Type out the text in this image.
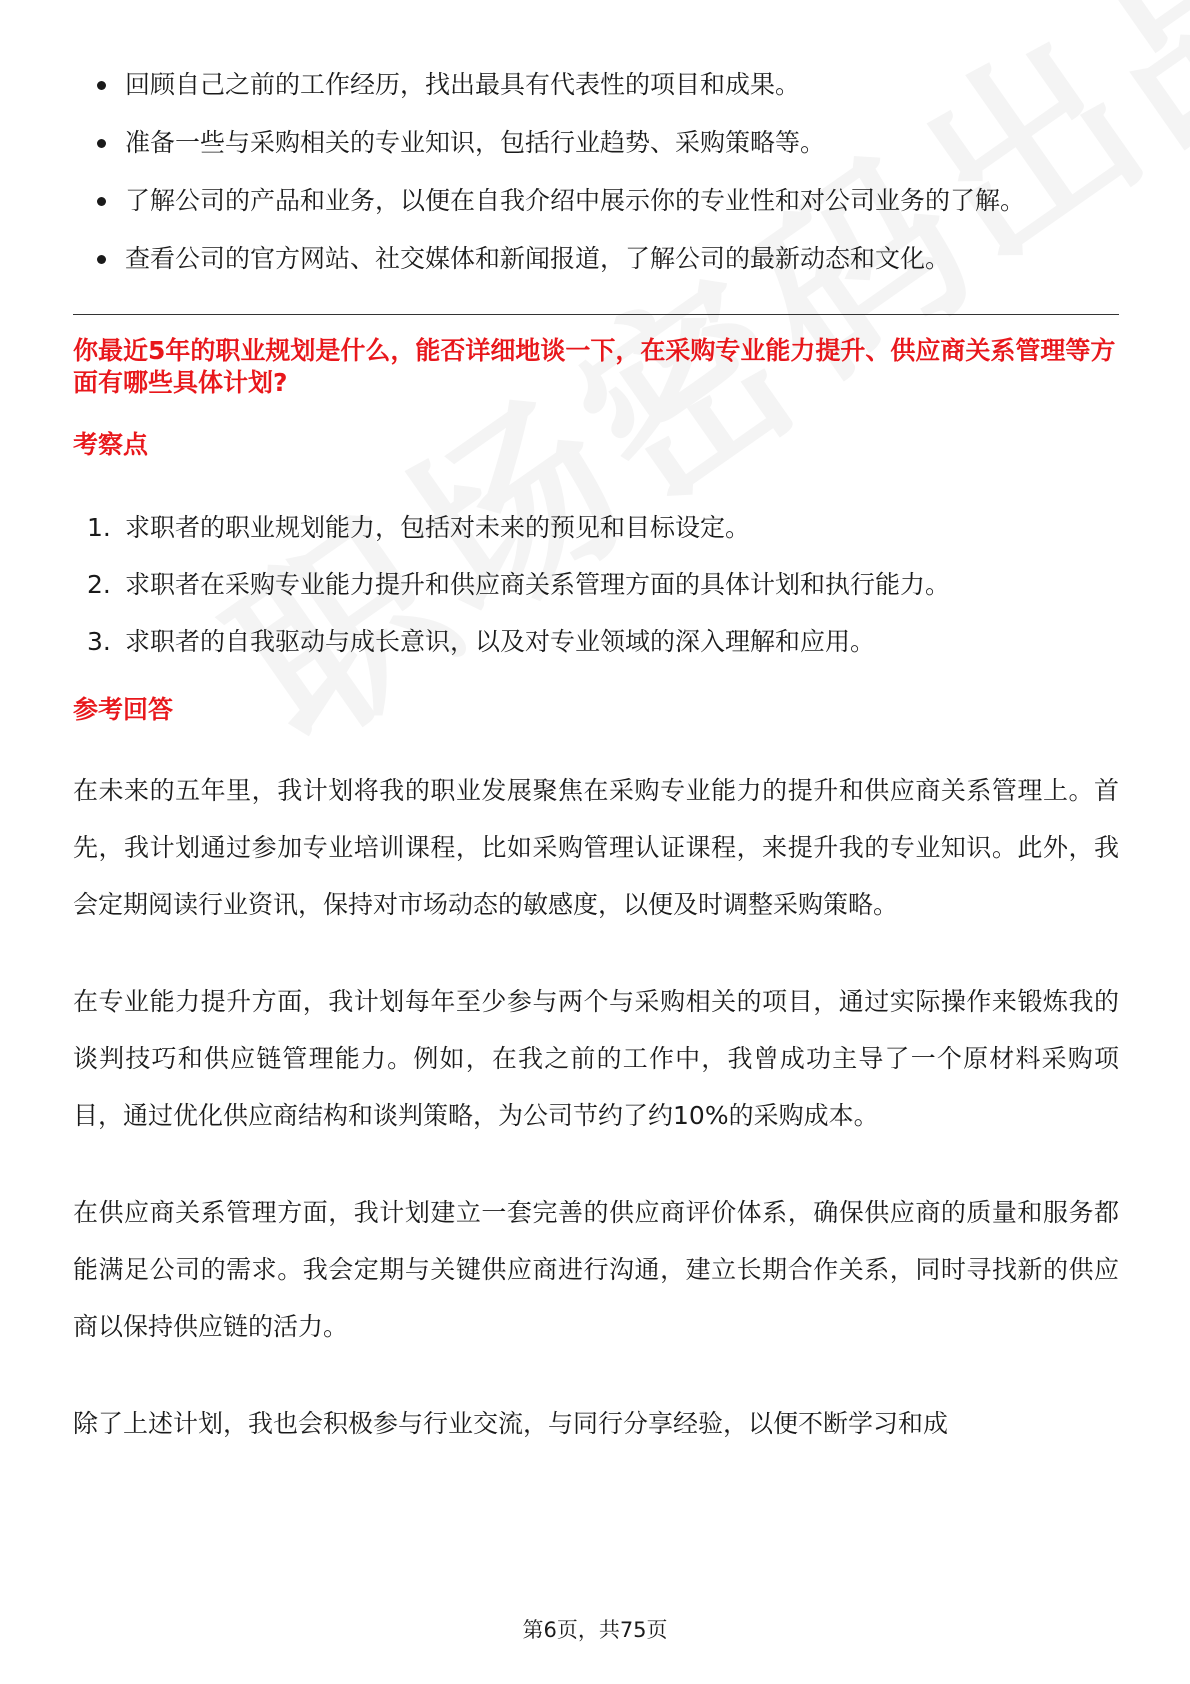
回顾自己之前的工作经历，找出最具有代表性的项目和成果。
准备一些与采购相关的专业知识，包括行业趋势、采购策略等。
了解公司的产品和业务，以便在自我介绍中展示你的专业性和对公司业务的了解。
查看公司的官方网站、社交媒体和新闻报道，了解公司的最新动态和文化。
你最近5年的职业规划是什么，能否详细地谈一下，在采购专业能力提升、供应商关系管理等方面有哪些具体计划?
考察点
1. 求职者的职业规划能力，包括对未来的预见和目标设定。
2. 求职者在采购专业能力提升和供应商关系管理方面的具体计划和执行能力。
3. 求职者的自我驱动与成长意识，以及对专业领域的深入理解和应用。
参考回答

在未来的五年里，我计划将我的职业发展聚焦在采购专业能力的提升和供应商关系管理上。首先，我计划通过参加专业培训课程，比如采购管理认证课程，来提升我的专业知识。此外，我会定期阅读行业资讯，保持对市场动态的敏感度，以便及时调整采购策略。

在专业能力提升方面，我计划每年至少参与两个与采购相关的项目，通过实际操作来锻炼我的谈判技巧和供应链管理能力。例如，在我之前的工作中，我曾成功主导了一个原材料采购项目，通过优化供应商结构和谈判策略，为公司节约了约10%的采购成本。

在供应商关系管理方面，我计划建立一套完善的供应商评价体系，确保供应商的质量和服务都能满足公司的需求。我会定期与关键供应商进行沟通，建立长期合作关系，同时寻找新的供应商以保持供应链的活力。

除了上述计划，我也会积极参与行业交流，与同行分享经验，以便不断学习和成

第6页，共75页
